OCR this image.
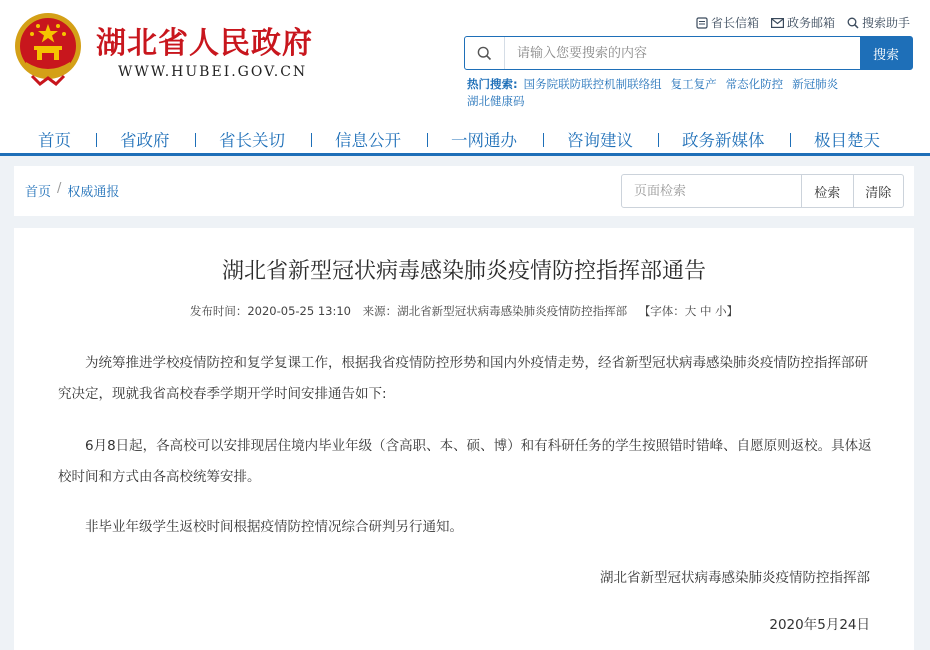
湖北省人民政府
WWW.HUBEI.GOV.CN
省长信箱 政务邮箱 搜索助手
请输入您要搜索的内容
搜索
热门搜索: 国务院联防联控机制联络组 复工复产 常态化防控 新冠肺炎
湖北健康码
首页	省政府	省长关切	信息公开	一网通办	咨询建议	政务新媒体	极目楚天
首页 / 权威通报
页面检索	检索	清除
湖北省新型冠状病毒感染肺炎疫情防控指挥部通告
发布时间：2020-05-25 13:10 来源：湖北省新型冠状病毒感染肺炎疫情防控指挥部 【字体：大 中 小】

为统筹推进学校疫情防控和复学复课工作，根据我省疫情防控形势和国内外疫情走势，经省新型冠状病毒感染肺炎疫情防控指挥部研究决定，现就我省高校春季学期开学时间安排通告如下:

6月8日起，各高校可以安排现居住境内毕业年级（含高职、本、硕、博）和有科研任务的学生按照错时错峰、自愿原则返校。具体返校时间和方式由各高校统筹安排。

非毕业年级学生返校时间根据疫情防控情况综合研判另行通知。

湖北省新型冠状病毒感染肺炎疫情防控指挥部
2020年5月24日
